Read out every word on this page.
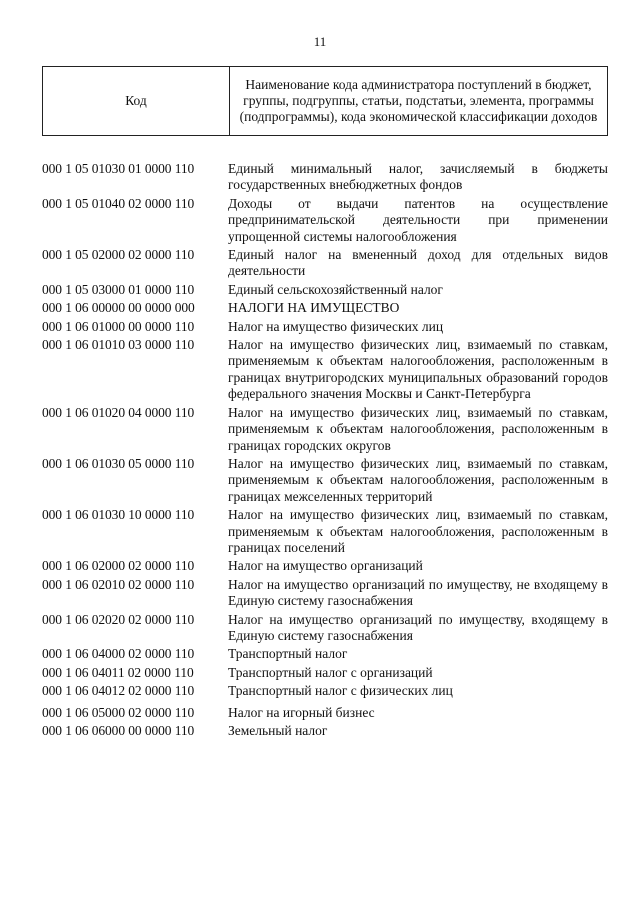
11
Код	Наименование кода администратора поступлений в бюджет, группы, подгруппы, статьи, подстатьи, элемента, программы (подпрограммы), кода экономической классификации доходов
000 1 05 01030 01 0000 110	Единый минимальный налог, зачисляемый в бюджеты государственных внебюджетных фондов
000 1 05 01040 02 0000 110	Доходы от выдачи патентов на осуществление предпринимательской деятельности при применении упрощенной системы налогообложения
000 1 05 02000 02 0000 110	Единый налог на вмененный доход для отдельных видов деятельности
000 1 05 03000 01 0000 110	Единый сельскохозяйственный налог
000 1 06 00000 00 0000 000	НАЛОГИ НА ИМУЩЕСТВО
000 1 06 01000 00 0000 110	Налог на имущество физических лиц
000 1 06 01010 03 0000 110	Налог на имущество физических лиц, взимаемый по ставкам, применяемым к объектам налогообложения, расположенным в границах внутригородских муниципальных образований городов федерального значения Москвы и Санкт-Петербурга
000 1 06 01020 04 0000 110	Налог на имущество физических лиц, взимаемый по ставкам, применяемым к объектам налогообложения, расположенным в границах городских округов
000 1 06 01030 05 0000 110	Налог на имущество физических лиц, взимаемый по ставкам, применяемым к объектам налогообложения, расположенным в границах межселенных территорий
000 1 06 01030 10 0000 110	Налог на имущество физических лиц, взимаемый по ставкам, применяемым к объектам налогообложения, расположенным в границах поселений
000 1 06 02000 02 0000 110	Налог на имущество организаций
000 1 06 02010 02 0000 110	Налог на имущество организаций по имуществу, не входящему в Единую систему газоснабжения
000 1 06 02020 02 0000 110	Налог на имущество организаций по имуществу, входящему в Единую систему газоснабжения
000 1 06 04000 02 0000 110	Транспортный налог
000 1 06 04011 02 0000 110	Транспортный налог с организаций
000 1 06 04012 02 0000 110	Транспортный налог с физических лиц
000 1 06 05000 02 0000 110	Налог на игорный бизнес
000 1 06 06000 00 0000 110	Земельный налог
